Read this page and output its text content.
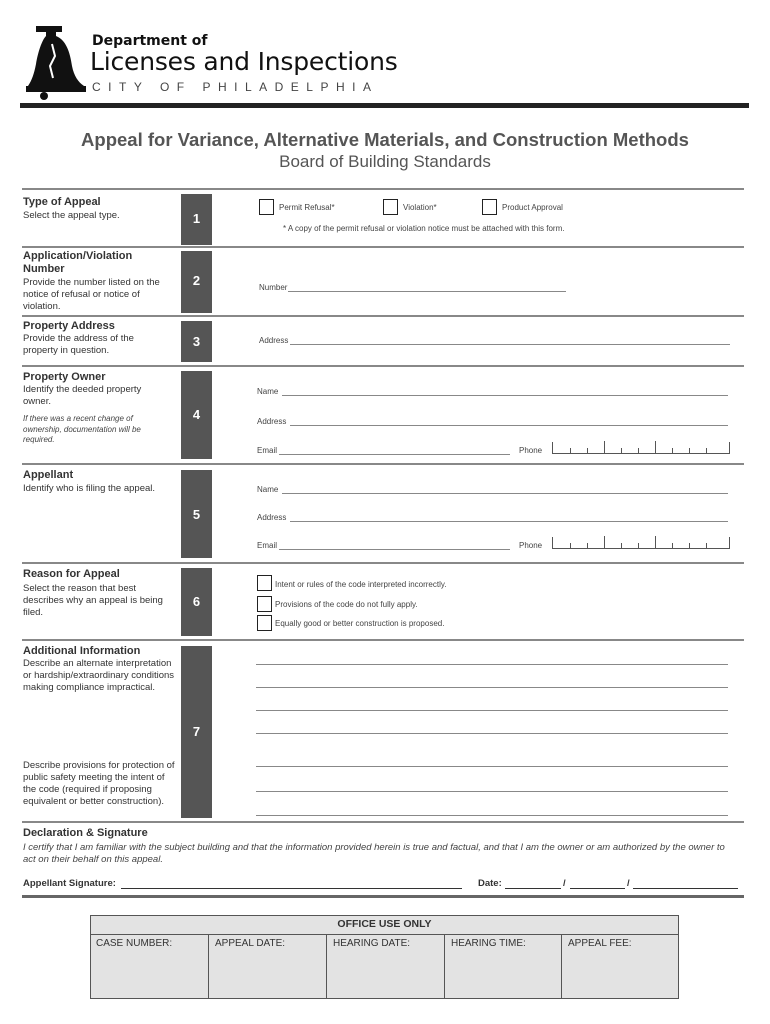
Department of
Licenses and Inspections
CITY OF PHILADELPHIA
Appeal for Variance, Alternative Materials, and Construction Methods
Board of Building Standards
Type of Appeal
Select the appeal type.	1
Permit Refusal*	Violation*	Product Approval
* A copy of the permit refusal or violation notice must be attached with this form.
Application/Violation Number
Provide the number listed on the notice of refusal or notice of violation.
2	Number
Property Address
Provide the address of the property in question.
3	Address
Property Owner
Identify the deeded property owner.
If there was a recent change of ownership, documentation will be required.
4
Name
Address
Email	Phone
Appellant
Identify who is filing the appeal.
5
Name
Address
Email	Phone
Reason for Appeal
Select the reason that best describes why an appeal is being filed.
6
Intent or rules of the code interpreted incorrectly.
Provisions of the code do not fully apply.
Equally good or better construction is proposed.
Additional Information
Describe an alternate interpretation or hardship/extraordinary conditions making compliance impractical.
Describe provisions for protection of public safety meeting the intent of the code (required if proposing equivalent or better construction).
7
Declaration & Signature
I certify that I am familiar with the subject building and that the information provided herein is true and factual, and that I am the owner or am authorized by the owner to act on their behalf on this appeal.
Appellant Signature:	Date:	/	/
OFFICE USE ONLY
CASE NUMBER:	APPEAL DATE:	HEARING DATE:	HEARING TIME:	APPEAL FEE:
